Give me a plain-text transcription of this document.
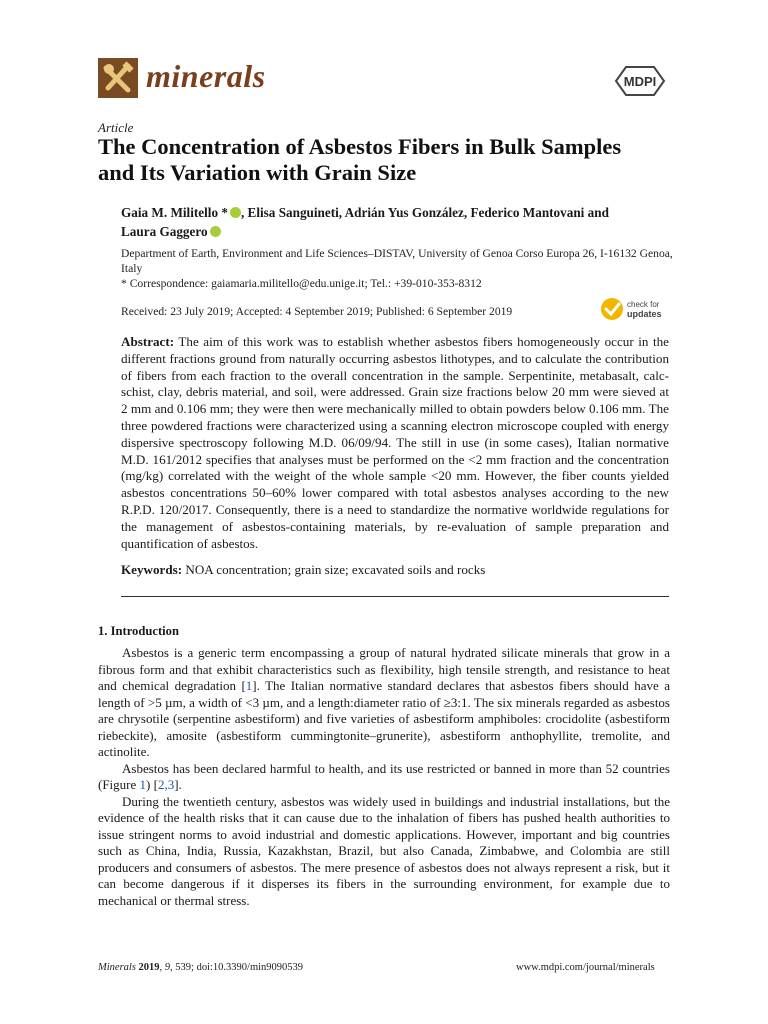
minerals	MDPI
Article
The Concentration of Asbestos Fibers in Bulk Samples and Its Variation with Grain Size
Gaia M. Militello * , Elisa Sanguineti, Adrián Yus González, Federico Mantovani and
Laura Gaggero

Department of Earth, Environment and Life Sciences–DISTAV, University of Genoa Corso Europa 26, I-16132 Genoa, Italy

* Correspondence: gaiamaria.militello@edu.unige.it; Tel.: +39-010-353-8312

Received: 23 July 2019; Accepted: 4 September 2019; Published: 6 September 2019
check for
updates
Abstract: The aim of this work was to establish whether asbestos fibers homogeneously occur in the different fractions ground from naturally occurring asbestos lithotypes, and to calculate the contribution of fibers from each fraction to the overall concentration in the sample. Serpentinite, metabasalt, calc-schist, clay, debris material, and soil, were addressed. Grain size fractions below 20 mm were sieved at 2 mm and 0.106 mm; they were then were mechanically milled to obtain powders below 0.106 mm. The three powdered fractions were characterized using a scanning electron microscope coupled with energy dispersive spectroscopy following M.D. 06/09/94. The still in use (in some cases), Italian normative M.D. 161/2012 specifies that analyses must be performed on the <2 mm fraction and the concentration (mg/kg) correlated with the weight of the whole sample <20 mm. However, the fiber counts yielded asbestos concentrations 50–60% lower compared with total asbestos analyses according to the new R.P.D. 120/2017. Consequently, there is a need to standardize the normative worldwide regulations for the management of asbestos-containing materials, by re-evaluation of sample preparation and quantification of asbestos.
Keywords: NOA concentration; grain size; excavated soils and rocks
1. Introduction

Asbestos is a generic term encompassing a group of natural hydrated silicate minerals that grow in a fibrous form and that exhibit characteristics such as flexibility, high tensile strength, and resistance to heat and chemical degradation [1]. The Italian normative standard declares that asbestos fibers should have a length of >5 µm, a width of <3 µm, and a length:diameter ratio of ≥3:1. The six minerals regarded as asbestos are chrysotile (serpentine asbestiform) and five varieties of asbestiform amphiboles: crocidolite (asbestiform riebeckite), amosite (asbestiform cummingtonite–grunerite), asbestiform anthophyllite, tremolite, and actinolite.

Asbestos has been declared harmful to health, and its use restricted or banned in more than 52 countries (Figure 1) [2,3].

During the twentieth century, asbestos was widely used in buildings and industrial installations, but the evidence of the health risks that it can cause due to the inhalation of fibers has pushed health authorities to issue stringent norms to avoid industrial and domestic applications. However, important and big countries such as China, India, Russia, Kazakhstan, Brazil, but also Canada, Zimbabwe, and Colombia are still producers and consumers of asbestos. The mere presence of asbestos does not always represent a risk, but it can become dangerous if it disperses its fibers in the surrounding environment, for example due to mechanical or thermal stress.

Minerals 2019, 9, 539; doi:10.3390/min9090539	www.mdpi.com/journal/minerals
